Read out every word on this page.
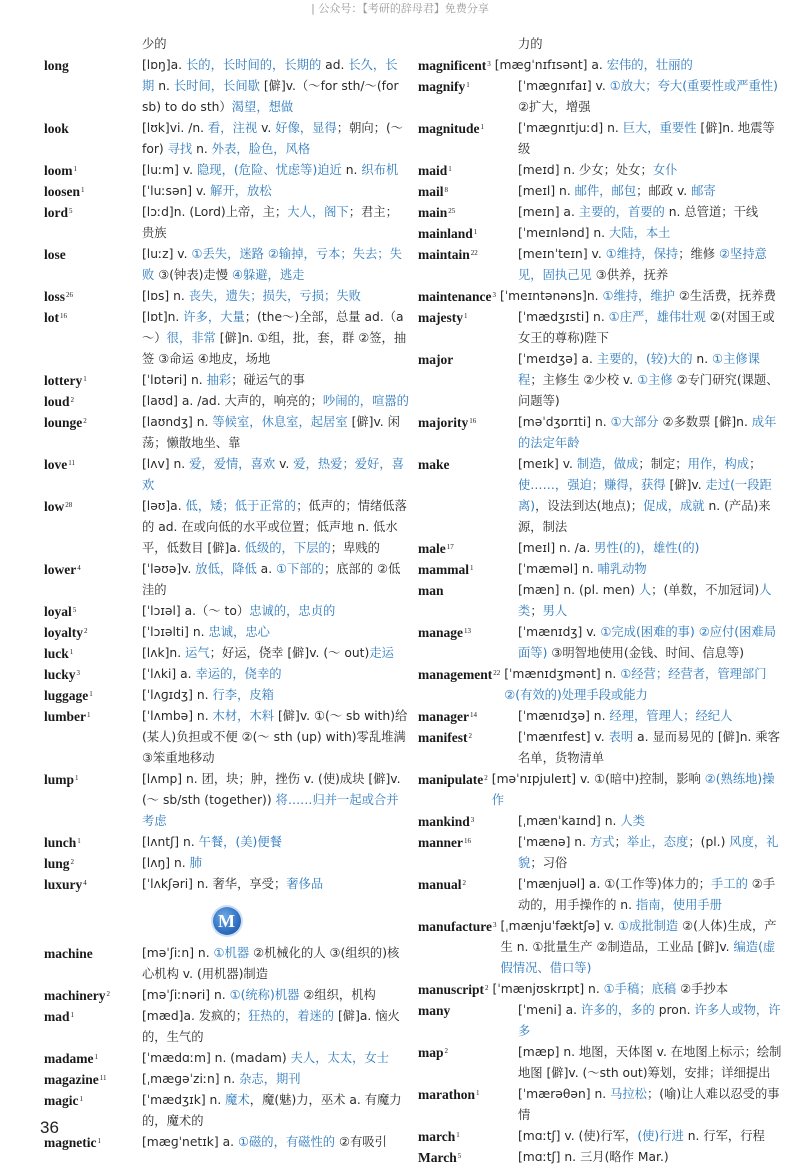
| 公众号：【考研的辞母君】免费分享
少的
long	[lɒŋ]a. 长的，长时间的，长期的 ad. 长久，长期 n. 长时间，长间歇 [僻]v.（～for sth/～(for sb) to do sth）渴望，想做
look	[lʊk]vi. /n. 看，注视 v. 好像，显得；朝向；(～for) 寻找 n. 外表，脸色，风格
loom$^1$	[luːm] v. 隐现，(危险、忧虑等)迫近 n. 织布机
loosen$^1$	[ˈluːsən] v. 解开，放松
lord$^5$	[lɔːd]n. (Lord)上帝，主；大人，阁下；君主；贵族
lose	[luːz] v. ①丢失，迷路 ②输掉，亏本；失去；失败 ③(钟表)走慢 ④躲避，逃走
loss$^{26}$	[lɒs] n. 丧失，遗失；损失，亏损；失败
lot$^{16}$	[lɒt]n. 许多，大量；(the～)全部，总量 ad.（a～）很，非常 [僻]n. ①组，批，套，群 ②签，抽签 ③命运 ④地皮，场地
lottery$^1$	[ˈlɒtəri] n. 抽彩；碰运气的事
loud$^2$	[laʊd] a. /ad. 大声的，响亮的；吵闹的，喧嚣的
lounge$^2$	[laʊndʒ] n. 等候室，休息室，起居室 [僻]v. 闲荡；懒散地坐、靠
love$^{11}$	[lʌv] n. 爱，爱情，喜欢 v. 爱，热爱；爱好，喜欢
low$^{28}$	[ləʊ]a. 低，矮；低于正常的；低声的；情绪低落的 ad. 在或向低的水平或位置；低声地 n. 低水平，低数目 [僻]a. 低级的，下层的；卑贱的
lower$^4$	[ˈləʊə]v. 放低，降低 a. ①下部的；底部的 ②低洼的
loyal$^5$	[ˈlɔɪəl] a.（～ to）忠诚的，忠贞的
loyalty$^2$	[ˈlɔɪəlti] n. 忠诚，忠心
luck$^1$	[lʌk]n. 运气；好运，侥幸 [僻]v. (～ out)走运
lucky$^3$	[ˈlʌki] a. 幸运的，侥幸的
luggage$^1$	[ˈlʌɡɪdʒ] n. 行李，皮箱
lumber$^1$	[ˈlʌmbə] n. 木材，木料 [僻]v. ①(～ sb with)给(某人)负担或不便 ②(～ sth (up) with)零乱堆满 ③笨重地移动
lump$^1$	[lʌmp] n. 团，块；肿，挫伤 v. (使)成块 [僻]v. (～ sb/sth (together)) 将……归并一起或合并考虑
lunch$^1$	[lʌntʃ] n. 午餐，(美)便餐
lung$^2$	[lʌŋ] n. 肺
luxury$^4$	[ˈlʌkʃəri] n. 奢华，享受；奢侈品
M
machine	[məˈʃiːn] n. ①机器 ②机械化的人 ③(组织的)核心机构 v. (用机器)制造
machinery$^2$	[məˈʃiːnəri] n. ①(统称)机器 ②组织，机构
mad$^1$	[mæd]a. 发疯的；狂热的，着迷的 [僻]a. 恼火的，生气的
madame$^1$	[ˈmædɑːm] n. (madam) 夫人，太太，女士
magazine$^{11}$	[ˌmæɡəˈziːn] n. 杂志，期刊
magic$^1$	[ˈmædʒɪk] n. 魔术，魔(魅)力，巫术 a. 有魔力的，魔术的
magnetic$^1$	[mæɡˈnetɪk] a. ①磁的，有磁性的 ②有吸引
力的
magnificent$^3$ [mæɡˈnɪfɪsənt] a. 宏伟的，壮丽的
magnify$^1$	[ˈmæɡnɪfaɪ] v. ①放大；夸大(重要性或严重性) ②扩大，增强
magnitude$^1$	[ˈmæɡnɪtjuːd] n. 巨大，重要性 [僻]n. 地震等级
maid$^1$	[meɪd] n. 少女；处女；女仆
mail$^8$	[meɪl] n. 邮件，邮包；邮政 v. 邮寄
main$^{25}$	[meɪn] a. 主要的，首要的 n. 总管道；干线
mainland$^1$	[ˈmeɪnlənd] n. 大陆，本土
maintain$^{22}$	[meɪnˈteɪn] v. ①维持，保持；维修 ②坚持意见，固执己见 ③供养，抚养
maintenance$^3$ [ˈmeɪntənəns]n. ①维持，维护 ②生活费，抚养费
majesty$^1$	[ˈmædʒɪsti] n. ①庄严，雄伟壮观 ②(对国王或女王的尊称)陛下
major	[ˈmeɪdʒə] a. 主要的，(较)大的 n. ①主修课程；主修生 ②少校 v. ①主修 ②专门研究(课题、问题等)
majority$^{16}$	[məˈdʒɒrɪti] n. ①大部分 ②多数票 [僻]n. 成年的法定年龄
make	[meɪk] v. 制造，做成；制定；用作，构成；使……，强迫；赚得，获得 [僻]v. 走过(一段距离)，设法到达(地点)；促成，成就 n. (产品)来源，制法
male$^{17}$	[meɪl] n. /a. 男性(的)，雄性(的)
mammal$^1$	[ˈmæməl] n. 哺乳动物
man	[mæn] n. (pl. men) 人；(单数，不加冠词)人类；男人
manage$^{13}$	[ˈmænɪdʒ] v. ①完成(困难的事) ②应付(困难局面等) ③明智地使用(金钱、时间、信息等)
management$^{22}$ [ˈmænɪdʒmənt] n. ①经营；经营者，管理部门 ②(有效的)处理手段或能力
manager$^{14}$	[ˈmænɪdʒə] n. 经理，管理人；经纪人
manifest$^2$	[ˈmænɪfest] v. 表明 a. 显而易见的 [僻]n. 乘客名单，货物清单
manipulate$^2$ [məˈnɪpjuleɪt] v. ①(暗中)控制，影响 ②(熟练地)操作
mankind$^3$	[ˌmænˈkaɪnd] n. 人类
manner$^{16}$	[ˈmænə] n. 方式；举止，态度；(pl.) 风度，礼貌；习俗
manual$^2$	[ˈmænjuəl] a. ①(工作等)体力的；手工的 ②手动的，用手操作的 n. 指南，使用手册
manufacture$^3$ [ˌmænjuˈfæktʃə] v. ①成批制造 ②(人体)生成，产生 n. ①批量生产 ②制造品，工业品 [僻]v. 编造(虚假情况、借口等)
manuscript$^2$ [ˈmænjʊskrɪpt] n. ①手稿；底稿 ②手抄本
many	[ˈmeni] a. 许多的，多的 pron. 许多人或物，许多
map$^2$	[mæp] n. 地图，天体图 v. 在地图上标示；绘制地图 [僻]v. (～sth out)筹划，安排；详细提出
marathon$^1$	[ˈmærəθən] n. 马拉松；(喻)让人难以忍受的事情
march$^1$	[mɑːtʃ] v. (使)行军，(使)行进 n. 行军，行程
March$^5$	[mɑːtʃ] n. 三月(略作 Mar.)
36
